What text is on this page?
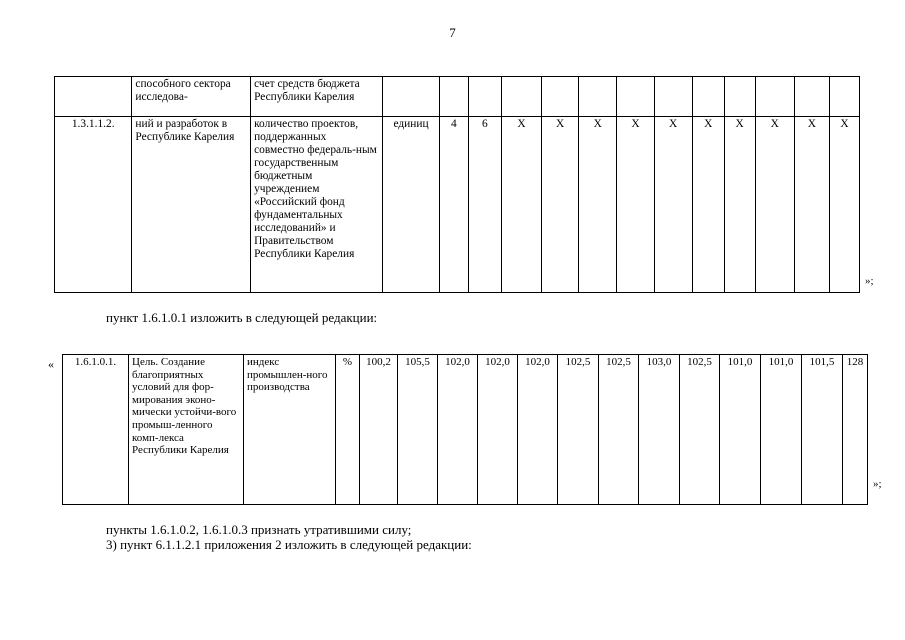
7
	способного сектора исследова-	счет средств бюджета Республики Карелия													
1.3.1.1.2.	ний и разработок в Республике Карелия	количество проектов, поддержанных совместно федераль-ным государственным бюджетным учреждением «Российский фонд фундаментальных исследований» и Правительством Республики Карелия	единиц	4	6	Х	Х	Х	Х	Х	Х	Х	Х	Х	Х
»;
пункт 1.6.1.0.1 изложить в следующей редакции:
« 1.6.1.0.1.	Цель. Создание благоприятных условий для фор-мирования эконо-мически устойчи-вого промыш-ленного комп-лекса Республики Карелия	индекс промышлен-ного производства	%	100,2	105,5	102,0	102,0	102,0	102,5	102,5	103,0	102,5	101,0	101,0	101,5	128
»;
пункты 1.6.1.0.2, 1.6.1.0.3 признать утратившими силу;
3) пункт 6.1.1.2.1 приложения 2 изложить в следующей редакции:
